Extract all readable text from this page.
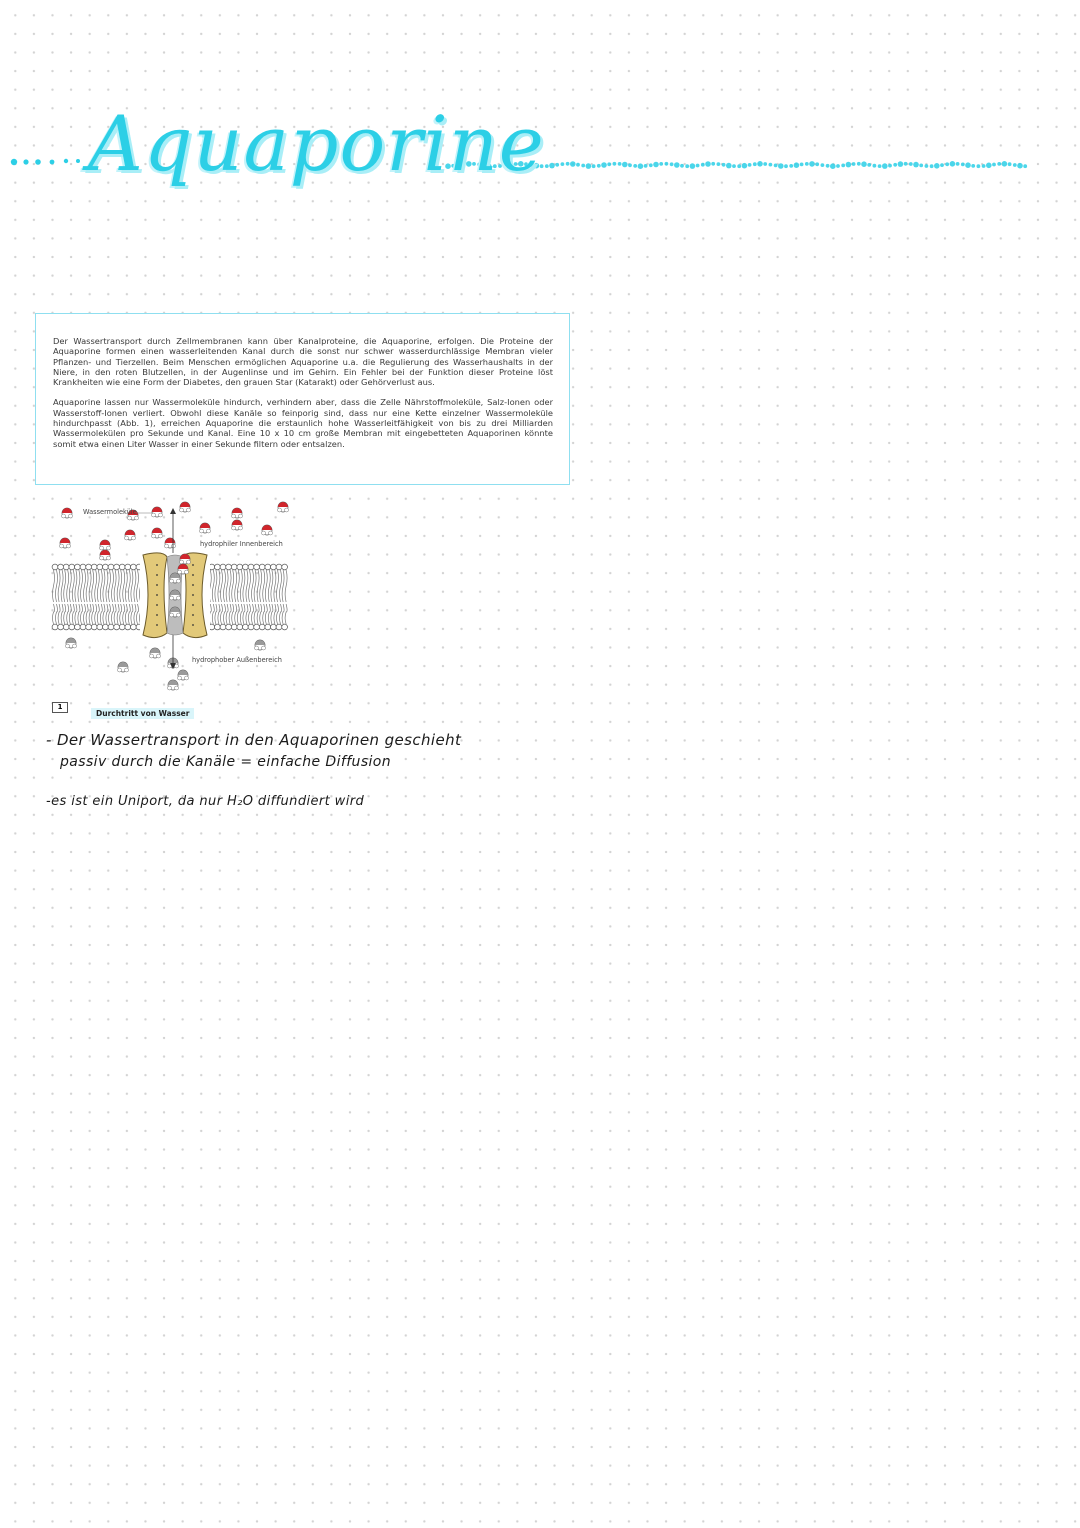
Aquaporine

Der Wassertransport durch Zellmembranen kann über Kanalproteine, die Aquaporine, erfolgen. Die Proteine der Aquaporine formen einen wasserleitenden Kanal durch die sonst nur schwer wasserdurchlässige Membran vieler Pflanzen- und Tierzellen. Beim Menschen ermöglichen Aquaporine u.a. die Regulierung des Wasserhaushalts in der Niere, in den roten Blutzellen, in der Augenlinse und im Gehirn. Ein Fehler bei der Funktion dieser Proteine löst Krankheiten wie eine Form der Diabetes, den grauen Star (Katarakt) oder Gehörverlust aus.

Aquaporine lassen nur Wassermoleküle hindurch, verhindern aber, dass die Zelle Nährstoffmoleküle, Salz-Ionen oder Wasserstoff-Ionen verliert. Obwohl diese Kanäle so feinporig sind, dass nur eine Kette einzelner Wassermoleküle hindurchpasst (Abb. 1), erreichen Aquaporine die erstaunlich hohe Wasserleitfähigkeit von bis zu drei Milliarden Wassermolekülen pro Sekunde und Kanal. Eine 10 x 10 cm große Membran mit eingebetteten Aquaporinen könnte somit etwa einen Liter Wasser in einer Sekunde filtern oder entsalzen.

Wassermoleküle
hydrophiler Innenbereich
hydrophober Außenbereich
1
Durchtritt von Wasser
- Der Wassertransport in den Aquaporinen geschieht
passiv durch die Kanäle = einfache Diffusion
-es ist ein Uniport, da nur H₂O diffundiert wird
